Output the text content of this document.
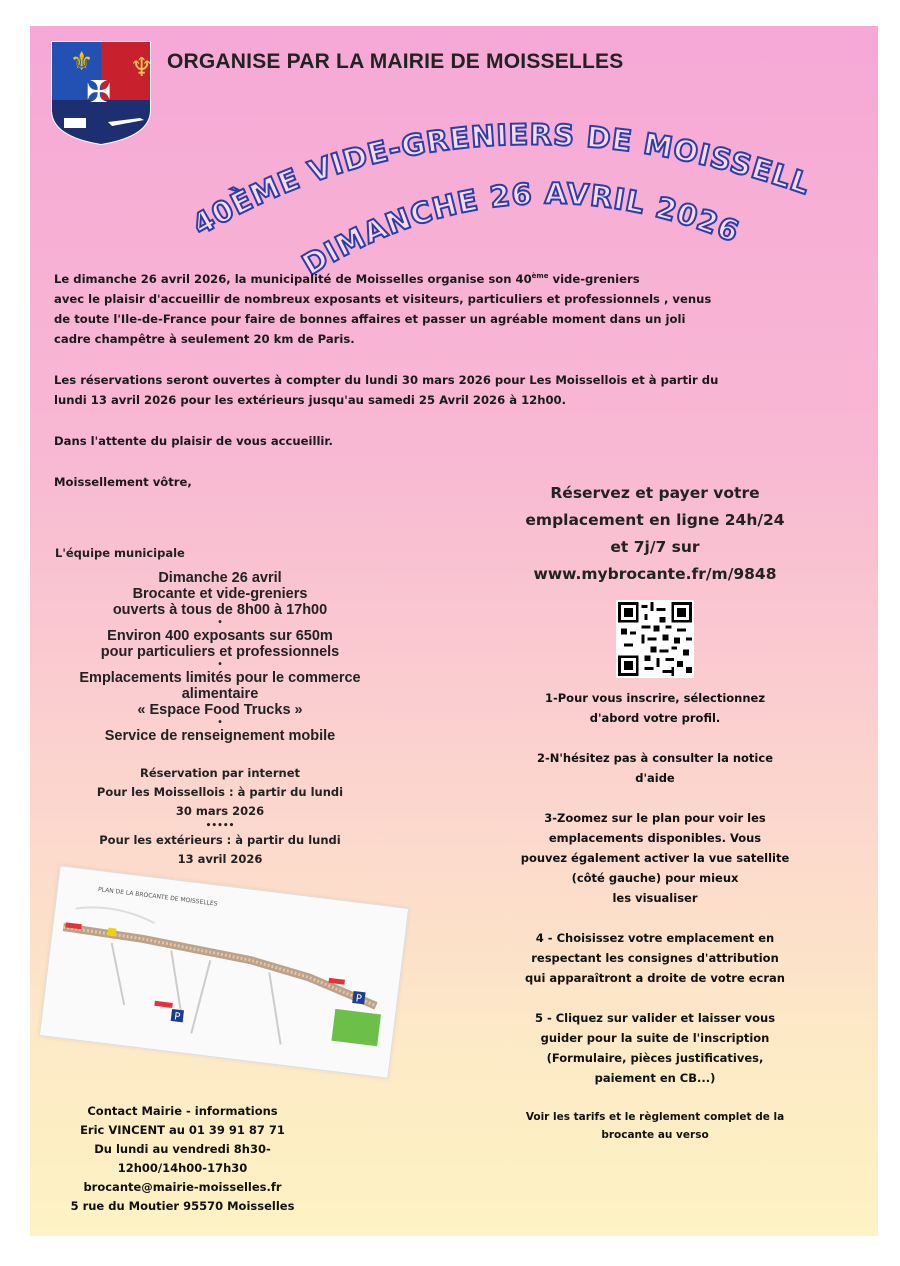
⚜ ♆
✠
ORGANISE PAR LA MAIRIE DE MOISSELLES
40ÈME VIDE-GRENIERS DE MOISSELLES
DIMANCHE 26 AVRIL 2026

Le dimanche 26 avril 2026, la municipalité de Moisselles organise son 40ème vide-greniers
avec le plaisir d'accueillir de nombreux exposants et visiteurs, particuliers et professionnels , venus
de toute l'Ile-de-France pour faire de bonnes affaires et passer un agréable moment dans un joli
cadre champêtre à seulement 20 km de Paris.

Les réservations seront ouvertes à compter du lundi 30 mars 2026 pour Les Moissellois et à partir du
lundi 13 avril 2026 pour les extérieurs jusqu'au samedi 25 Avril 2026 à 12h00.

Dans l'attente du plaisir de vous accueillir.

Moissellement vôtre,

L'équipe municipale
Dimanche 26 avril
Brocante et vide-greniers
ouverts à tous de 8h00 à 17h00
•
Environ 400 exposants sur 650m
pour particuliers et professionnels
•
Emplacements limités pour le commerce
alimentaire
« Espace Food Trucks »
•
Service de renseignement mobile
Réservation par internet
Pour les Moissellois : à partir du lundi
30 mars 2026
•••••
Pour les extérieurs : à partir du lundi
13 avril 2026
PLAN DE LA BROCANTE DE MOISSELLES
P
P
Contact Mairie - informations
Eric VINCENT au 01 39 91 87 71
Du lundi au vendredi 8h30-
12h00/14h00-17h30
brocante@mairie-moisselles.fr
5 rue du Moutier 95570 Moisselles
Réservez et payer votre
emplacement en ligne 24h/24
et 7j/7 sur
www.mybrocante.fr/m/9848

1-Pour vous inscrire, sélectionnez
d'abord votre profil.

2-N'hésitez pas à consulter la notice
d'aide

3-Zoomez sur le plan pour voir les
emplacements disponibles. Vous
pouvez également activer la vue satellite
(côté gauche) pour mieux
les visualiser

4 - Choisissez votre emplacement en
respectant les consignes d'attribution
qui apparaîtront a droite de votre ecran

5 - Cliquez sur valider et laisser vous
guider pour la suite de l'inscription
(Formulaire, pièces justificatives,
paiement en CB...)

Voir les tarifs et le règlement complet de la
brocante au verso
